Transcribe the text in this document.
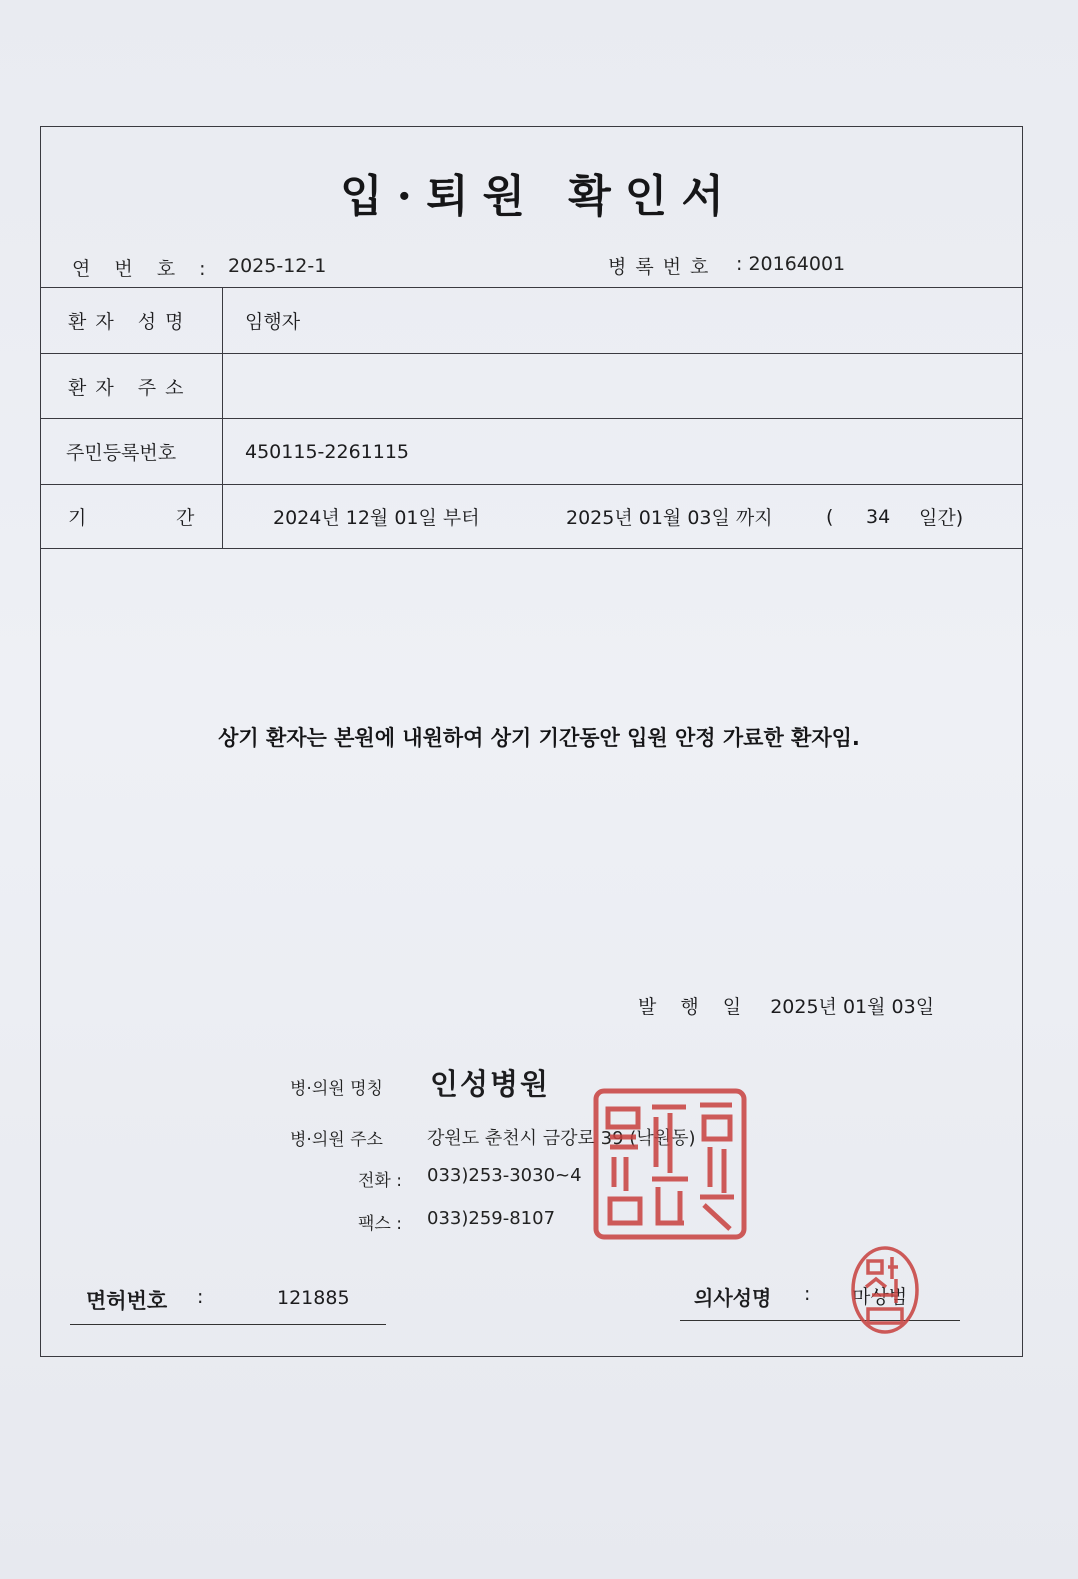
입·퇴원 확인서
연 번 호 : 2025-12-1	병록번호 : 20164001
환자 성명	임행자
환자 주소
주민등록번호	450115-2261115
기	간	2024년 12월 01일 부터	2025년 01월 03일 까지	( 34 일간)
상기 환자는 본원에 내원하여 상기 기간동안 입원 안정 가료한 환자임.
발 행 일 2025년 01월 03일
병·의원 명칭 인성병원
병·의원 주소 강원도 춘천시 금강로 39 (낙원동)
전화 : 033)253-3030~4
팩스 : 033)259-8107
면허번호 :	121885	의사성명 : 마상범
